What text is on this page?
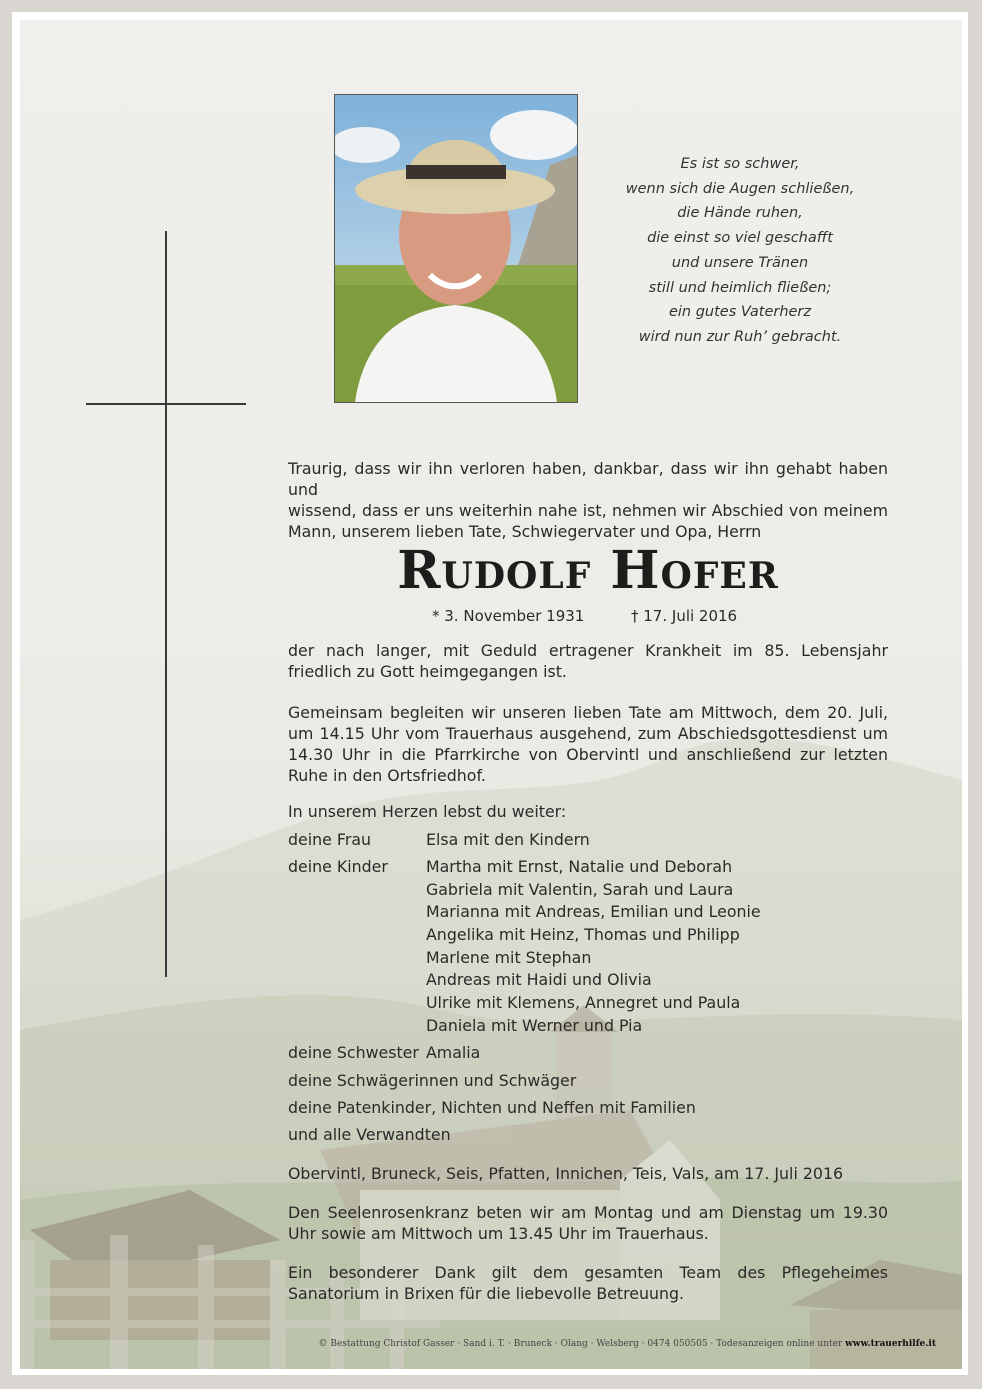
Es ist so schwer,
wenn sich die Augen schließen,
die Hände ruhen,
die einst so viel geschafft
und unsere Tränen
still und heimlich fließen;
ein gutes Vaterherz
wird nun zur Ruh’ gebracht.
Traurig, dass wir ihn verloren haben, dankbar, dass wir ihn gehabt haben und
wissend, dass er uns weiterhin nahe ist, nehmen wir Abschied von meinem
Mann, unserem lieben Tate, Schwiegervater und Opa, Herrn
Rudolf Hofer
* 3. November 1931	† 17. Juli 2016
der nach langer, mit Geduld ertragener Krankheit im 85. Lebensjahr friedlich zu Gott heimgegangen ist.
Gemeinsam begleiten wir unseren lieben Tate am Mittwoch, dem 20. Juli, um 14.15 Uhr vom Trauerhaus ausgehend, zum Abschiedsgottesdienst um 14.30 Uhr in die Pfarrkirche von Obervintl und anschließend zur letzten Ruhe in den Ortsfriedhof.
In unserem Herzen lebst du weiter:
deine Frau	Elsa mit den Kindern
deine Kinder Martha mit Ernst, Natalie und Deborah
Gabriela mit Valentin, Sarah und Laura
Marianna mit Andreas, Emilian und Leonie
Angelika mit Heinz, Thomas und Philipp
Marlene mit Stephan
Andreas mit Haidi und Olivia
Ulrike mit Klemens, Annegret und Paula
Daniela mit Werner und Pia
deine Schwester Amalia
deine Schwägerinnen und Schwäger
deine Patenkinder, Nichten und Neffen mit Familien
und alle Verwandten
Obervintl, Bruneck, Seis, Pfatten, Innichen, Teis, Vals, am 17. Juli 2016
Den Seelenrosenkranz beten wir am Montag und am Dienstag um 19.30 Uhr sowie am Mittwoch um 13.45 Uhr im Trauerhaus.
Ein besonderer Dank gilt dem gesamten Team des Pflegeheimes Sanatorium in Brixen für die liebevolle Betreuung.
© Bestattung Christof Gasser · Sand i. T. · Bruneck · Olang · Welsberg · 0474 050505 · Todesanzeigen online unter www.trauerhilfe.it
